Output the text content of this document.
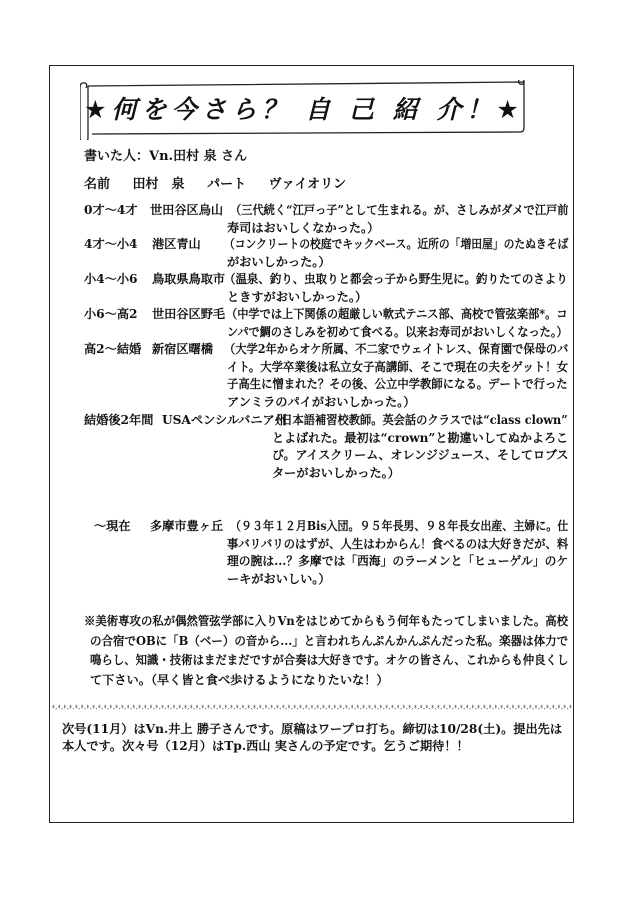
★何を今さら？ 自 己 紹 介！★
書いた人：Vn.田村 泉 さん
名前 田村　泉 パート ヴァイオリン
0才～4才 世田谷区烏山 （三代続く“江戸っ子”として生まれる。が、さしみがダメで江戸前
寿司はおいしくなかった。）
4才～小4 港区青山 （コンクリートの校庭でキックベース。近所の「増田屋」のたぬきそば
がおいしかった。）
小4～小6 鳥取県鳥取市
（温泉、釣り、虫取りと都会っ子から野生児に。釣りたてのさより
ときすがおいしかった。）
小6～高2 世田谷区野毛 （中学では上下関係の超厳しい軟式テニス部、高校で管弦楽部*。コ
ンパで鯛のさしみを初めて食べる。以来お寿司がおいしくなった。）
高2～結婚 新宿区曙橋 （大学2年からオケ所属、不二家でウェイトレス、保育園で保母のバ
イト。大学卒業後は私立女子高講師、そこで現在の夫をゲット！女
子高生に憎まれた？その後、公立中学教師になる。デートで行った
アンミラのパイがおいしかった。）
結婚後2年間 USAペンシルバニア州
（日本語補習校教師。英会話のクラスでは“class clown”
とよばれた。最初は“crown”と勘違いしてぬかよろこ
び。アイスクリーム、オレンジジュース、そしてロブス
ターがおいしかった。）
～現在 多摩市豊ヶ丘 （９３年１２月Bis入団。９５年長男、９８年長女出産、主婦に。仕
事バリバリのはずが、人生はわからん！食べるのは大好きだが、料
理の腕は...？多摩では「西海」のラーメンと「ヒューゲル」のケ
ーキがおいしい。）
※美術専攻の私が偶然管弦学部に入りVnをはじめてからもう何年もたってしまいました。高校
の合宿でOBに「B（ベー）の音から...」と言われちんぷんかんぷんだった私。楽器は体力で
鳴らし、知識・技術はまだまだですが合奏は大好きです。オケの皆さん、これからも仲良くし
て下さい。（早く皆と食べ歩けるようになりたいな！）
*-*-*-*-*-*-*-*-*-*-*-*-*-*-*-*-*-*-*-*-*-*-*-*-*-*-*-*-*-*-*-*-*-*-*-*-*-*-*-*-*-*-*-*-*-*-*-*-*-*-*-*-*-*-*-*-*-*-*-*-*-*-*-*-*-*-*-*-*-*-*-*-*-*-*-*-*-*-*-*-*-*-*-*-*-*-*-*-*-*-*
次号(11月）はVn.井上 勝子さんです。原稿はワープロ打ち。締切は10/28(土)。提出先は
本人です。次々号（12月）はTp.西山 実さんの予定です。乞うご期待！！
